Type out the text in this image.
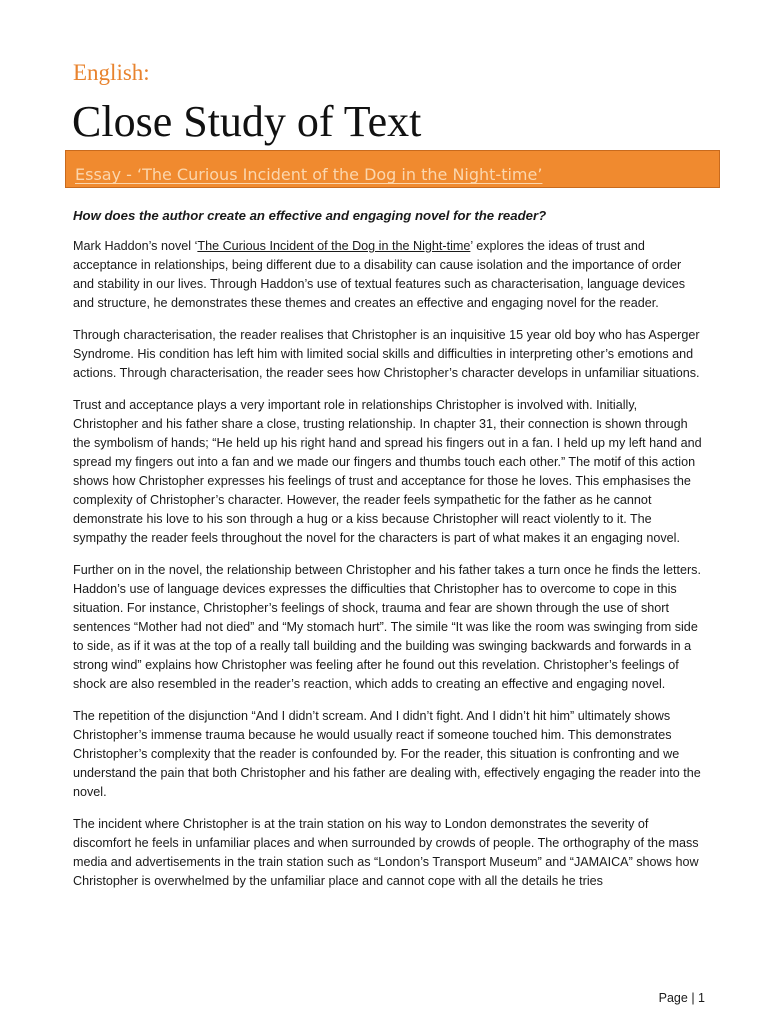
English:
Close Study of Text
Essay - ‘The Curious Incident of the Dog in the Night-time’

How does the author create an effective and engaging novel for the reader?

Mark Haddon’s novel ‘The Curious Incident of the Dog in the Night-time’ explores the ideas of trust and acceptance in relationships, being different due to a disability can cause isolation and the importance of order and stability in our lives. Through Haddon’s use of textual features such as characterisation, language devices and structure, he demonstrates these themes and creates an effective and engaging novel for the reader.

Through characterisation, the reader realises that Christopher is an inquisitive 15 year old boy who has Asperger Syndrome. His condition has left him with limited social skills and difficulties in interpreting other’s emotions and actions. Through characterisation, the reader sees how Christopher’s character develops in unfamiliar situations.

Trust and acceptance plays a very important role in relationships Christopher is involved with. Initially, Christopher and his father share a close, trusting relationship. In chapter 31, their connection is shown through the symbolism of hands; “He held up his right hand and spread his fingers out in a fan. I held up my left hand and spread my fingers out into a fan and we made our fingers and thumbs touch each other.” The motif of this action shows how Christopher expresses his feelings of trust and acceptance for those he loves. This emphasises the complexity of Christopher’s character. However, the reader feels sympathetic for the father as he cannot demonstrate his love to his son through a hug or a kiss because Christopher will react violently to it. The sympathy the reader feels throughout the novel for the characters is part of what makes it an engaging novel.

Further on in the novel, the relationship between Christopher and his father takes a turn once he finds the letters. Haddon’s use of language devices expresses the difficulties that Christopher has to overcome to cope in this situation. For instance, Christopher’s feelings of shock, trauma and fear are shown through the use of short sentences “Mother had not died” and “My stomach hurt”. The simile “It was like the room was swinging from side to side, as if it was at the top of a really tall building and the building was swinging backwards and forwards in a strong wind” explains how Christopher was feeling after he found out this revelation. Christopher’s feelings of shock are also resembled in the reader’s reaction, which adds to creating an effective and engaging novel.

The repetition of the disjunction “And I didn’t scream. And I didn’t fight. And I didn’t hit him” ultimately shows Christopher’s immense trauma because he would usually react if someone touched him. This demonstrates Christopher’s complexity that the reader is confounded by. For the reader, this situation is confronting and we understand the pain that both Christopher and his father are dealing with, effectively engaging the reader into the novel.

The incident where Christopher is at the train station on his way to London demonstrates the severity of discomfort he feels in unfamiliar places and when surrounded by crowds of people. The orthography of the mass media and advertisements in the train station such as “London’s Transport Museum” and “JAMAICA” shows how Christopher is overwhelmed by the unfamiliar place and cannot cope with all the details he tries

Page | 1
